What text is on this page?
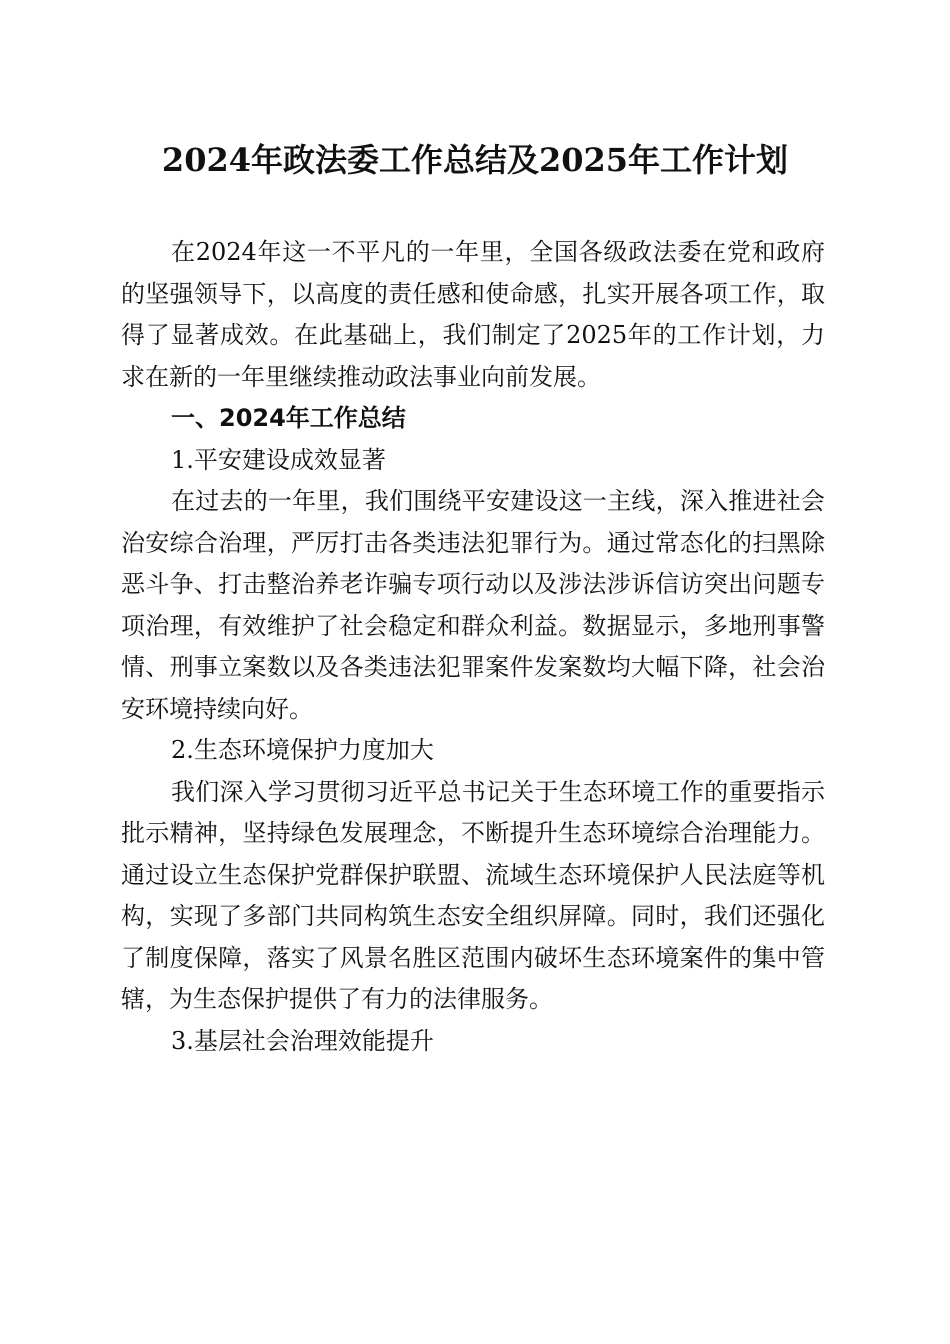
2024年政法委工作总结及2025年工作计划

在2024年这一不平凡的一年里，全国各级政法委在党和政府的坚强领导下，以高度的责任感和使命感，扎实开展各项工作，取得了显著成效。在此基础上，我们制定了2025年的工作计划，力求在新的一年里继续推动政法事业向前发展。

一、2024年工作总结

1.平安建设成效显著

在过去的一年里，我们围绕平安建设这一主线，深入推进社会治安综合治理，严厉打击各类违法犯罪行为。通过常态化的扫黑除恶斗争、打击整治养老诈骗专项行动以及涉法涉诉信访突出问题专项治理，有效维护了社会稳定和群众利益。数据显示，多地刑事警情、刑事立案数以及各类违法犯罪案件发案数均大幅下降，社会治安环境持续向好。

2.生态环境保护力度加大

我们深入学习贯彻习近平总书记关于生态环境工作的重要指示批示精神，坚持绿色发展理念，不断提升生态环境综合治理能力。通过设立生态保护党群保护联盟、流域生态环境保护人民法庭等机构，实现了多部门共同构筑生态安全组织屏障。同时，我们还强化了制度保障，落实了风景名胜区范围内破坏生态环境案件的集中管辖，为生态保护提供了有力的法律服务。

3.基层社会治理效能提升
